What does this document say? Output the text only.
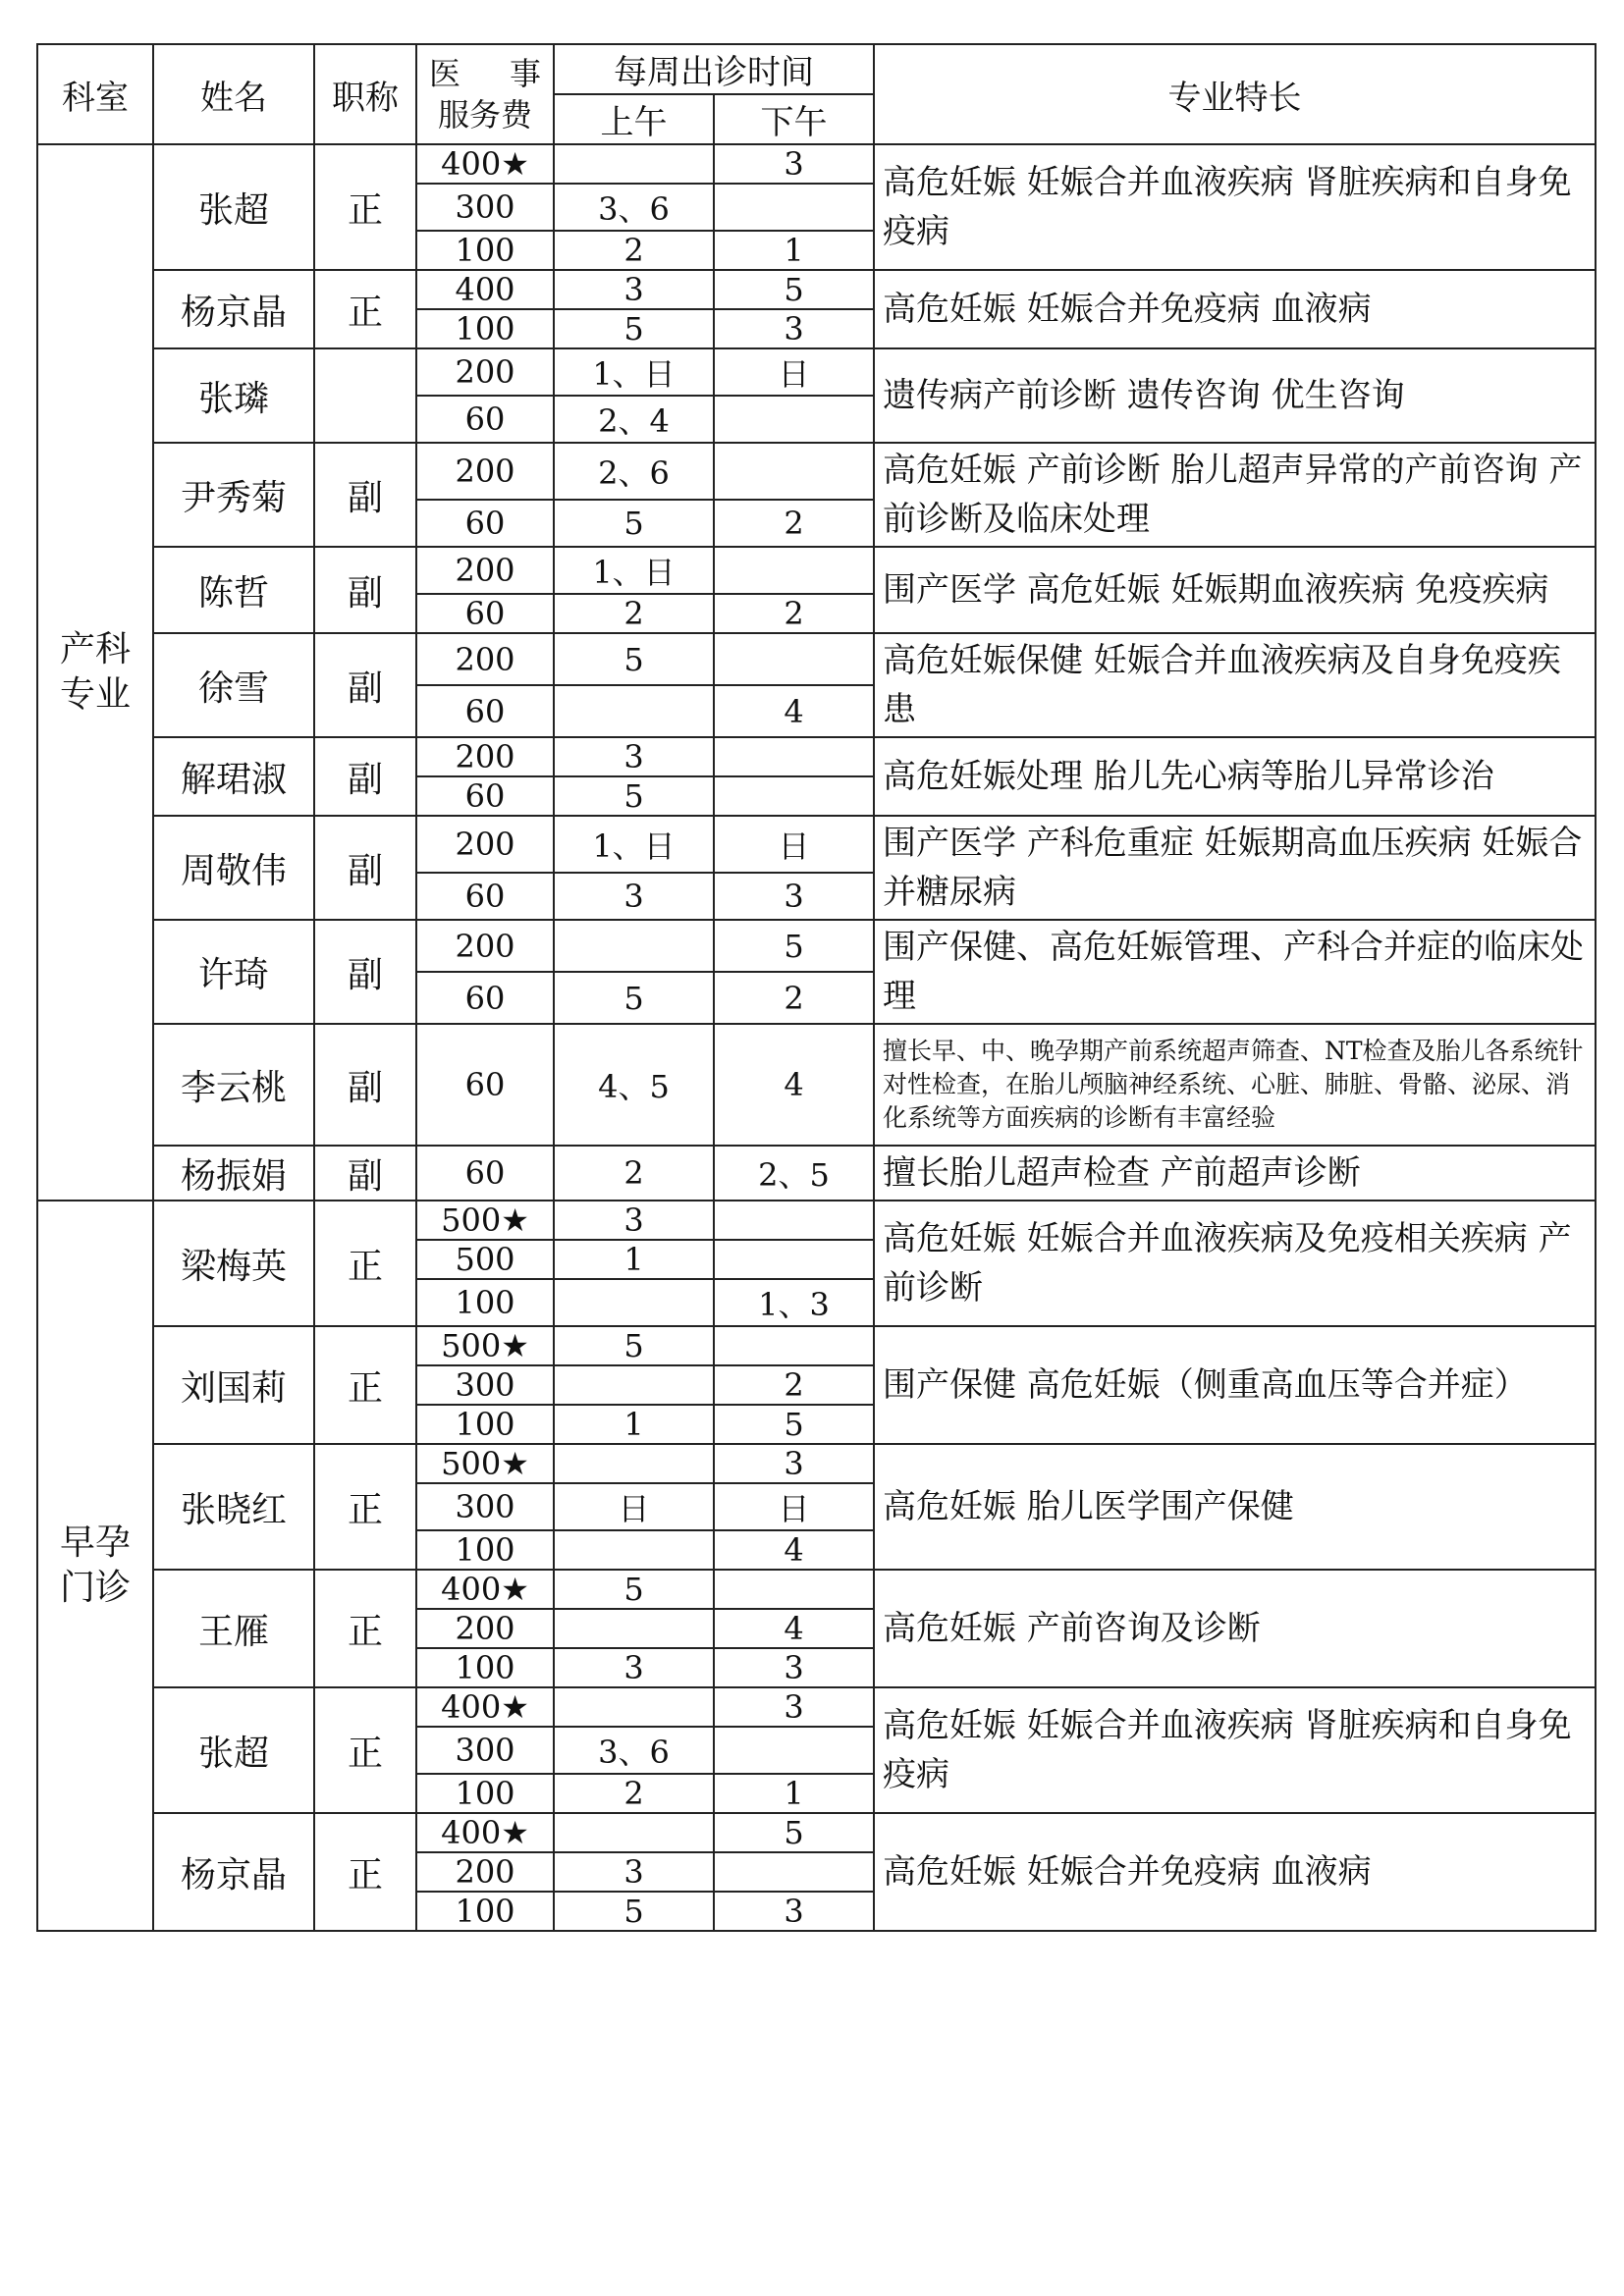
科室	姓名	职称	医 事
服务费	每周出诊时间		专业特长
				上午	下午	
产科专业	张超	正	400★		3	高危妊娠 妊娠合并血液疾病 肾脏疾病和自身免疫病
			300	3、6		
			100	2	1	
	杨京晶	正	400	3	5	高危妊娠 妊娠合并免疫病 血液病
			100	5	3	
	张璘		200	1、日	日	遗传病产前诊断 遗传咨询 优生咨询
			60	2、4		
	尹秀菊	副	200	2、6		高危妊娠 产前诊断 胎儿超声异常的产前咨询 产前诊断及临床处理
			60	5	2	
	陈哲	副	200	1、日		围产医学 高危妊娠 妊娠期血液疾病 免疫疾病
			60	2	2	
	徐雪	副	200	5		高危妊娠保健 妊娠合并血液疾病及自身免疫疾患
			60		4	
	解珺淑	副	200	3		高危妊娠处理 胎儿先心病等胎儿异常诊治
			60	5		
	周敬伟	副	200	1、日	日	围产医学 产科危重症 妊娠期高血压疾病 妊娠合并糖尿病
			60	3	3	
	许琦	副	200		5	围产保健、高危妊娠管理、产科合并症的临床处理
			60	5	2	
	李云桃	副	60	4、5	4	擅长早、中、晚孕期产前系统超声筛查、NT检查及胎儿各系统针对性检查，在胎儿颅脑神经系统、心脏、肺脏、骨骼、泌尿、消化系统等方面疾病的诊断有丰富经验
	杨振娟	副	60	2	2、5	擅长胎儿超声检查 产前超声诊断
早孕门诊	梁梅英	正	500★	3		高危妊娠 妊娠合并血液疾病及免疫相关疾病 产前诊断
			500	1		
			100		1、3	
	刘国莉	正	500★	5		围产保健 高危妊娠（侧重高血压等合并症）
			300		2	
			100	1	5	
	张晓红	正	500★		3	高危妊娠 胎儿医学围产保健
			300	日	日	
			100		4	
	王雁	正	400★	5		高危妊娠 产前咨询及诊断
			200		4	
			100	3	3	
	张超	正	400★		3	高危妊娠 妊娠合并血液疾病 肾脏疾病和自身免疫病
			300	3、6		
			100	2	1	
	杨京晶	正	400★		5	高危妊娠 妊娠合并免疫病 血液病
			200	3		
			100	5	3	
